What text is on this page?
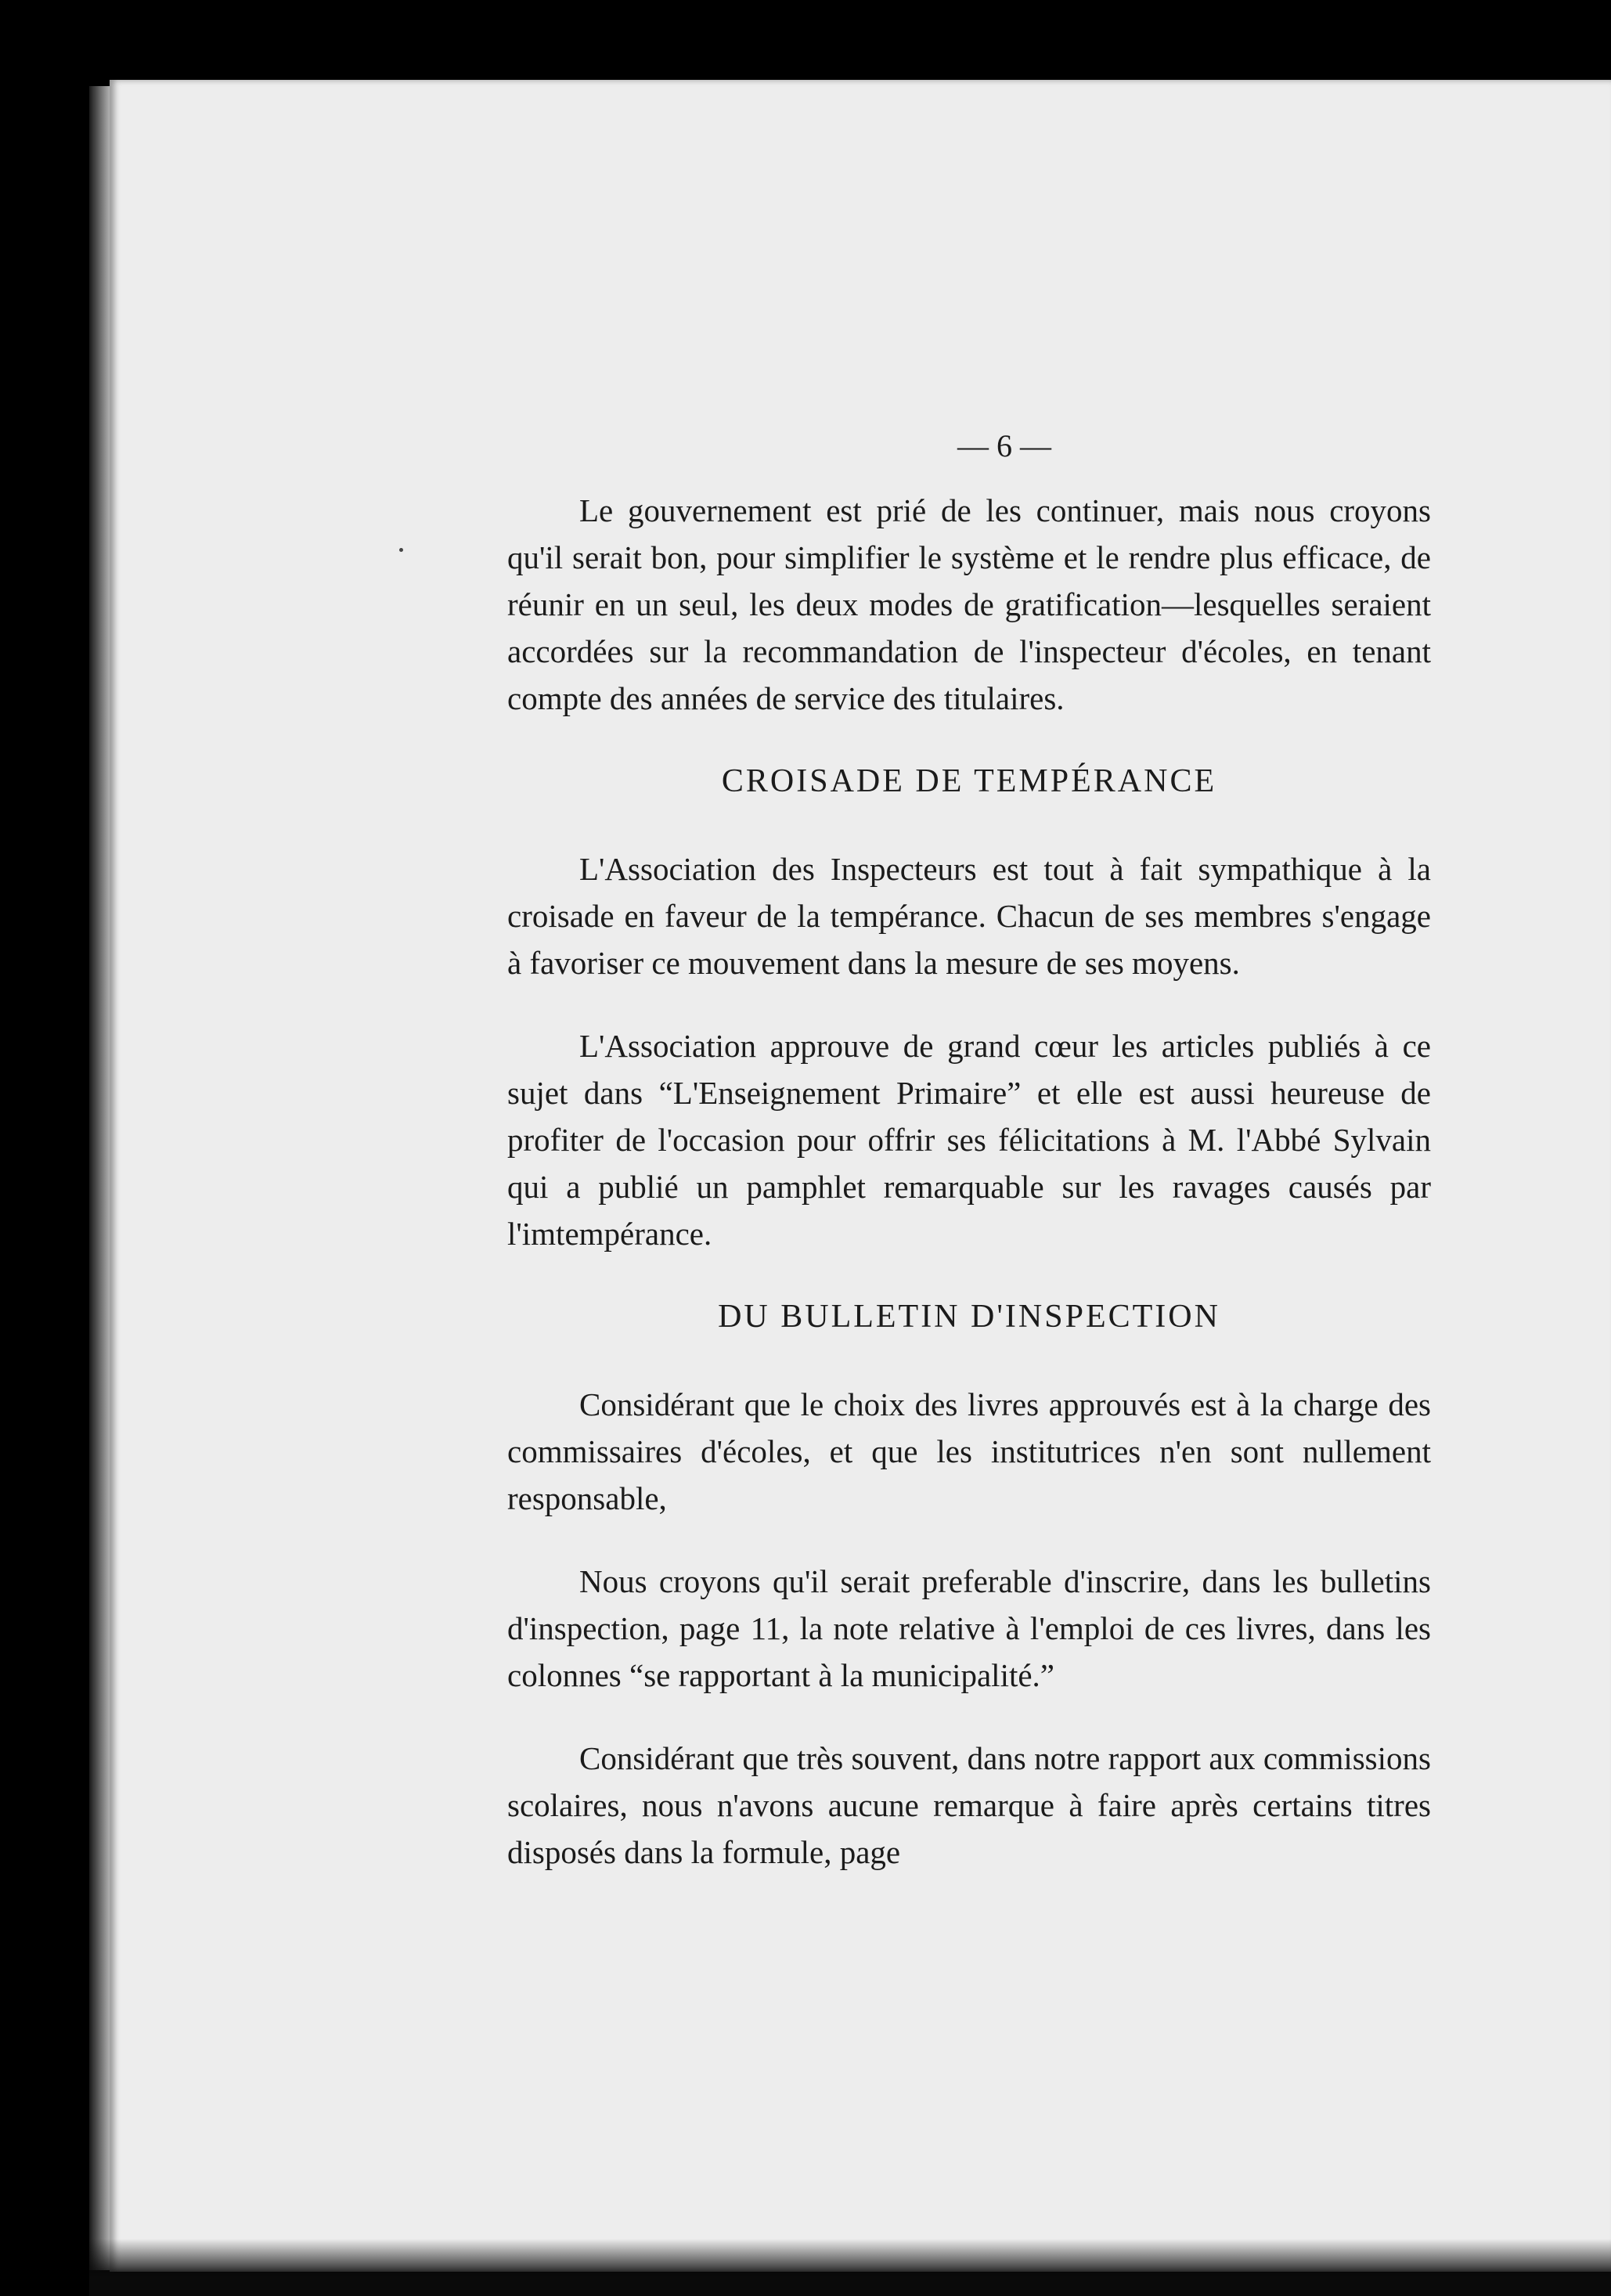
— 6 —

Le gouvernement est prié de les continuer, mais nous croyons qu'il serait bon, pour simplifier le système et le rendre plus efficace, de réunir en un seul, les deux modes de gratification—lesquelles seraient accordées sur la recommandation de l'inspecteur d'écoles, en tenant compte des années de service des titulaires.

CROISADE DE TEMPÉRANCE

L'Association des Inspecteurs est tout à fait sympathique à la croisade en faveur de la tempérance. Chacun de ses membres s'engage à favoriser ce mouvement dans la mesure de ses moyens.

L'Association approuve de grand cœur les articles publiés à ce sujet dans “L'Enseignement Primaire” et elle est aussi heureuse de profiter de l'occasion pour offrir ses félicitations à M. l'Abbé Sylvain qui a publié un pamphlet remarquable sur les ravages causés par l'imtempérance.

DU BULLETIN D'INSPECTION

Considérant que le choix des livres approuvés est à la charge des commissaires d'écoles, et que les institutrices n'en sont nullement responsable,

Nous croyons qu'il serait preferable d'inscrire, dans les bulletins d'inspection, page 11, la note relative à l'emploi de ces livres, dans les colonnes “se rapportant à la municipalité.”

Considérant que très souvent, dans notre rapport aux commissions scolaires, nous n'avons aucune remarque à faire après certains titres disposés dans la formule, page
